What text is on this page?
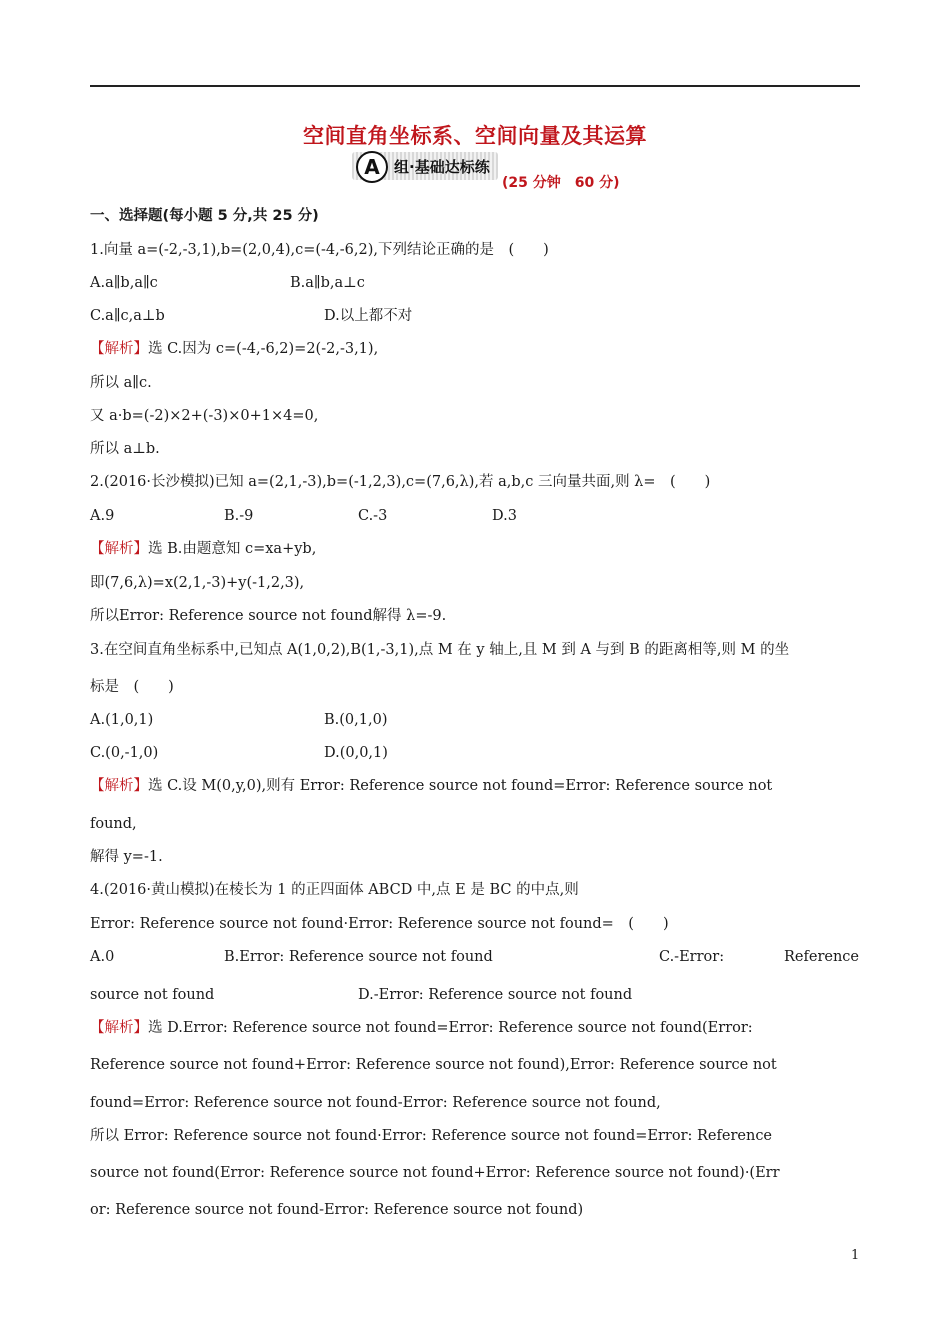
空间直角坐标系、空间向量及其运算
A 组·基础达标练
(25 分钟　60 分)
一、选择题(每小题 5 分,共 25 分)
1.向量 a=(-2,-3,1),b=(2,0,4),c=(-4,-6,2),下列结论正确的是　(　　)
A.a∥b,a∥c	B.a∥b,a⊥c
C.a∥c,a⊥b	D.以上都不对
【解析】选 C.因为 c=(-4,-6,2)=2(-2,-3,1),
所以 a∥c.
又 a·b=(-2)×2+(-3)×0+1×4=0,
所以 a⊥b.
2.(2016·长沙模拟)已知 a=(2,1,-3),b=(-1,2,3),c=(7,6,λ),若 a,b,c 三向量共面,则 λ=　(　　)
A.9	B.-9	C.-3	D.3
【解析】选 B.由题意知 c=xa+yb,
即(7,6,λ)=x(2,1,-3)+y(-1,2,3),
所以Error: Reference source not found解得 λ=-9.
3.在空间直角坐标系中,已知点 A(1,0,2),B(1,-3,1),点 M 在 y 轴上,且 M 到 A 与到 B 的距离相等,则 M 的坐
标是　(　　)
A.(1,0,1)	B.(0,1,0)
C.(0,-1,0)	D.(0,0,1)
【解析】选 C.设 M(0,y,0),则有 Error: Reference source not found=Error: Reference source not
found,
解得 y=-1.
4.(2016·黄山模拟)在棱长为 1 的正四面体 ABCD 中,点 E 是 BC 的中点,则
Error: Reference source not found·Error: Reference source not found=　(　　)
A.0	B.Error: Reference source not found	C.-Error:	Reference
source not found	D.-Error: Reference source not found
【解析】选 D.Error: Reference source not found=Error: Reference source not found(Error:
Reference source not found+Error: Reference source not found),Error: Reference source not
found=Error: Reference source not found-Error: Reference source not found,
所以 Error: Reference source not found·Error: Reference source not found=Error: Reference
source not found(Error: Reference source not found+Error: Reference source not found)·(Err
or: Reference source not found-Error: Reference source not found)
1
